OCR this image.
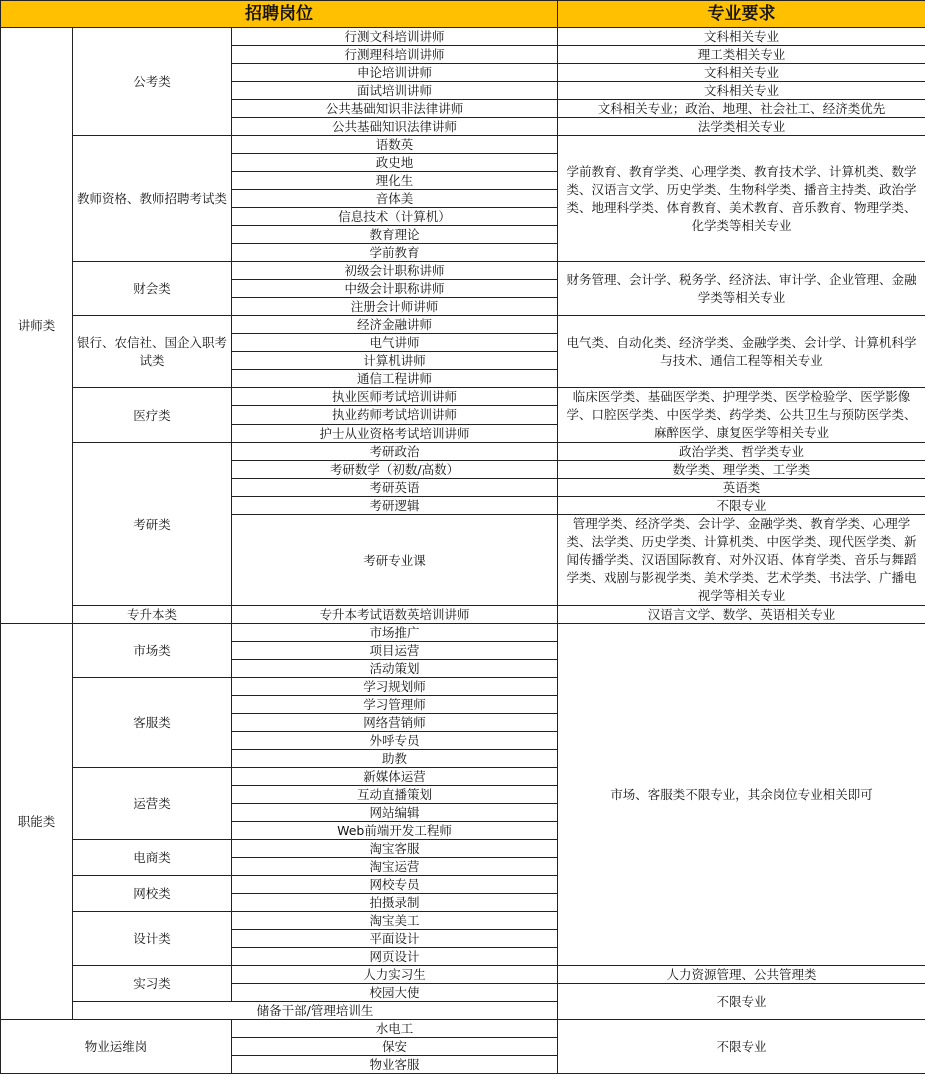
招聘岗位			专业要求
讲师类	公考类	行测文科培训讲师	文科相关专业
		行测理科培训讲师	理工类相关专业
		申论培训讲师	文科相关专业
		面试培训讲师	文科相关专业
		公共基础知识非法律讲师	文科相关专业；政治、地理、社会社工、经济类优先
		公共基础知识法律讲师	法学类相关专业
	教师资格、教师招聘考试类	语数英	学前教育、教育学类、心理学类、教育技术学、计算机类、数学类、汉语言文学、历史学类、生物科学类、播音主持类、政治学类、地理科学类、体育教育、美术教育、音乐教育、物理学类、化学类等相关专业
		政史地	
		理化生	
		音体美	
		信息技术（计算机）	
		教育理论	
		学前教育	
	财会类	初级会计职称讲师	财务管理、会计学、税务学、经济法、审计学、企业管理、金融学类等相关专业
		中级会计职称讲师	
		注册会计师讲师	
	银行、农信社、国企入职考试类	经济金融讲师	电气类、自动化类、经济学类、金融学类、会计学、计算机科学与技术、通信工程等相关专业
		电气讲师	
		计算机讲师	
		通信工程讲师	
	医疗类	执业医师考试培训讲师	临床医学类、基础医学类、护理学类、医学检验学、医学影像学、口腔医学类、中医学类、药学类、公共卫生与预防医学类、麻醉医学、康复医学等相关专业
		执业药师考试培训讲师	
		护士从业资格考试培训讲师	
	考研类	考研政治	政治学类、哲学类专业
		考研数学（初数/高数）	数学类、理学类、工学类
		考研英语	英语类
		考研逻辑	不限专业
		考研专业课	管理学类、经济学类、会计学、金融学类、教育学类、心理学类、法学类、历史学类、计算机类、中医学类、现代医学类、新闻传播学类、汉语国际教育、对外汉语、体育学类、音乐与舞蹈学类、戏剧与影视学类、美术学类、艺术学类、书法学、广播电视学等相关专业

	专升本类	专升本考试语数英培训讲师	汉语言文学、数学、英语相关专业
职能类	市场类	市场推广	市场、客服类不限专业，其余岗位专业相关即可
		项目运营	
		活动策划	
	客服类	学习规划师	
		学习管理师	
		网络营销师	
		外呼专员	
		助教	
	运营类	新媒体运营	
		互动直播策划	
		网站编辑	
		Web前端开发工程师	
	电商类	淘宝客服	
		淘宝运营	
	网校类	网校专员	
		拍摄录制	
	设计类	淘宝美工	
		平面设计	
		网页设计	
	实习类	人力实习生	人力资源管理、公共管理类
		校园大使	不限专业
	储备干部/管理培训生		
物业运维岗		水电工	不限专业
		保安	
		物业客服	
